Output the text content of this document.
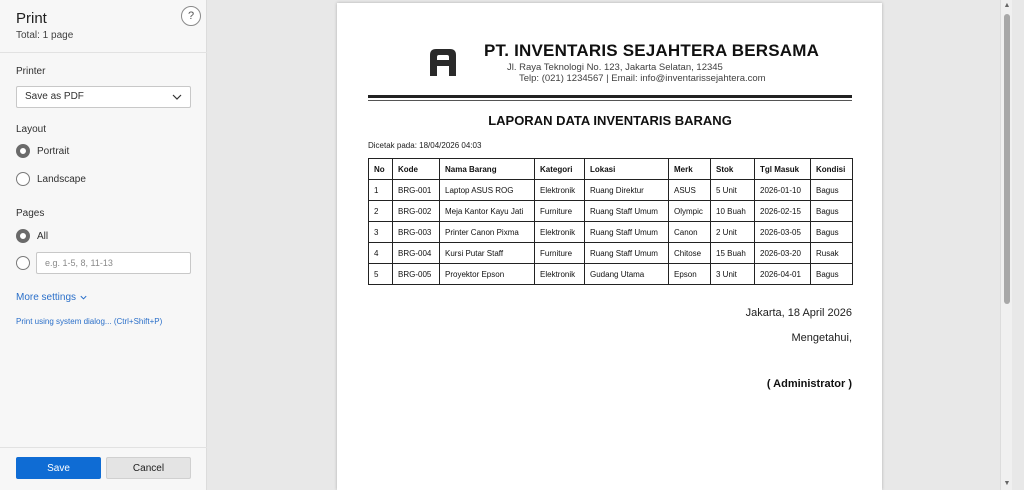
Print
Total: 1 page
?
Printer
Save as PDF
Layout
Portrait
Landscape
Pages
All
e.g. 1-5, 8, 11-13
More settings
Print using system dialog... (Ctrl+Shift+P)
Save	Cancel
PT. INVENTARIS SEJAHTERA BERSAMA
Jl. Raya Teknologi No. 123, Jakarta Selatan, 12345
Telp: (021) 1234567 | Email: info@inventarissejahtera.com
LAPORAN DATA INVENTARIS BARANG
Dicetak pada: 18/04/2026 04:03
No	Kode	Nama Barang	Kategori	Lokasi	Merk	Stok	Tgl Masuk	Kondisi
1	BRG-001	Laptop ASUS ROG	Elektronik	Ruang Direktur	ASUS	5 Unit	2026-01-10	Bagus
2	BRG-002	Meja Kantor Kayu Jati	Furniture	Ruang Staff Umum	Olympic	10 Buah	2026-02-15	Bagus
3	BRG-003	Printer Canon Pixma	Elektronik	Ruang Staff Umum	Canon	2 Unit	2026-03-05	Bagus
4	BRG-004	Kursi Putar Staff	Furniture	Ruang Staff Umum	Chitose	15 Buah	2026-03-20	Rusak
5	BRG-005	Proyektor Epson	Elektronik	Gudang Utama	Epson	3 Unit	2026-04-01	Bagus
Jakarta, 18 April 2026
Mengetahui,
( Administrator )
▲
▼
